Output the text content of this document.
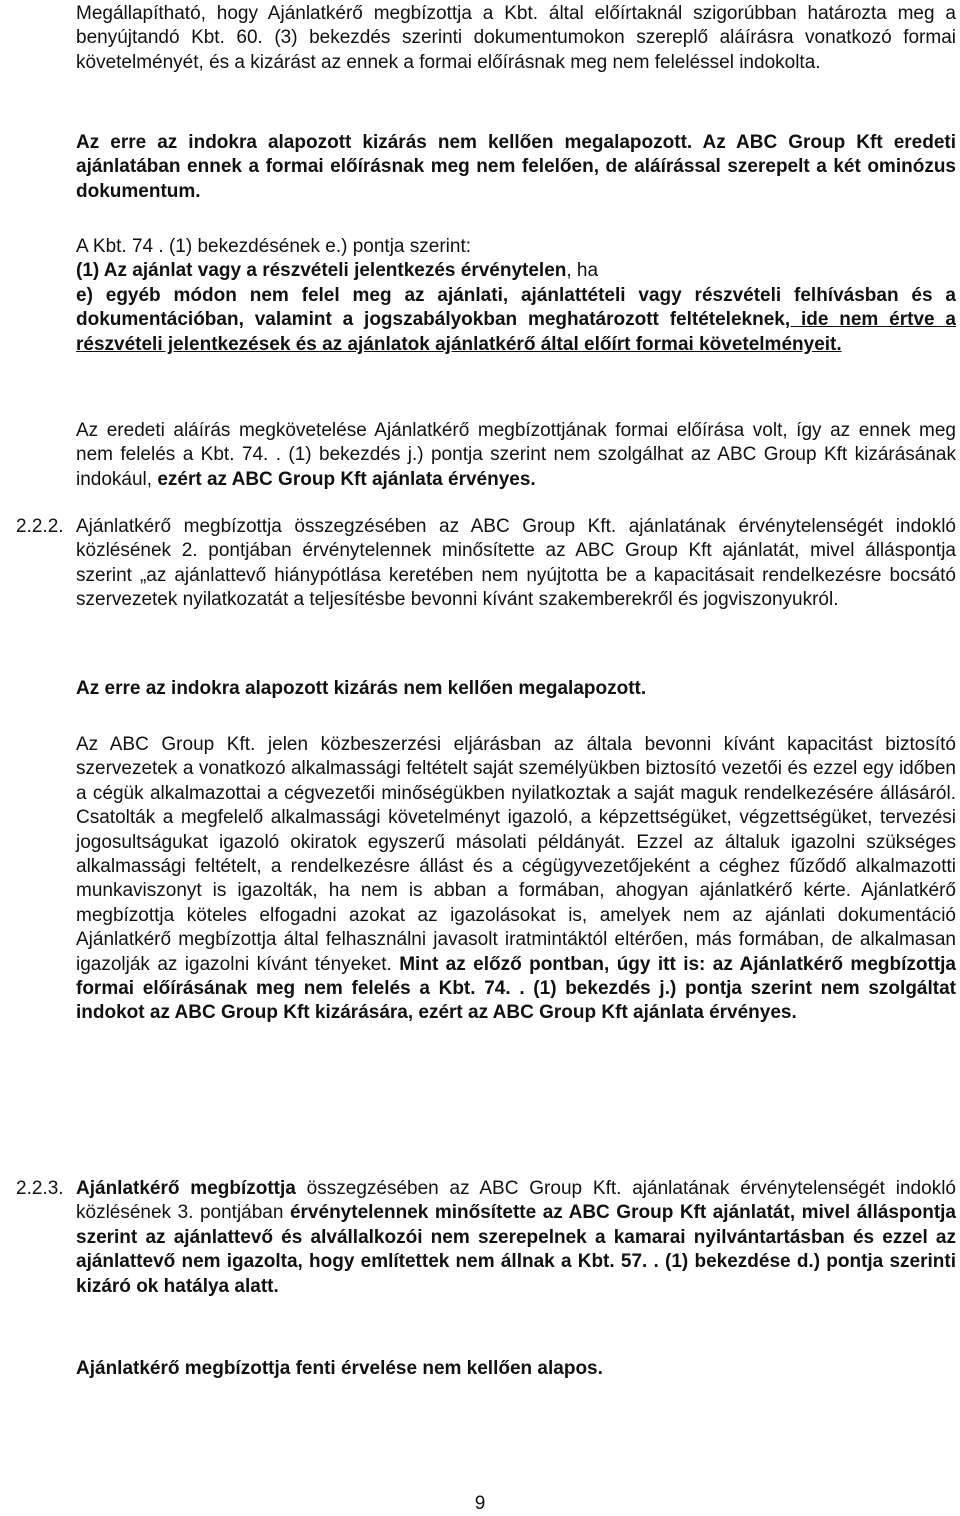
Megállapítható, hogy Ajánlatkérő megbízottja a Kbt. által előírtaknál szigorúbban határozta meg a benyújtandó Kbt. 60. (3) bekezdés szerinti dokumentumokon szereplő aláírásra vonatkozó formai követelményét, és a kizárást az ennek a formai előírásnak meg nem feleléssel indokolta.

Az erre az indokra alapozott kizárás nem kellően megalapozott. Az ABC Group Kft eredeti ajánlatában ennek a formai előírásnak meg nem felelően, de aláírással szerepelt a két ominózus dokumentum.

A Kbt. 74 . (1) bekezdésének e.) pontja szerint:

(1) Az ajánlat vagy a részvételi jelentkezés érvénytelen, ha

e) egyéb módon nem felel meg az ajánlati, ajánlattételi vagy részvételi felhívásban és a dokumentációban, valamint a jogszabályokban meghatározott feltételeknek, ide nem értve a részvételi jelentkezések és az ajánlatok ajánlatkérő által előírt formai követelményeit.

Az eredeti aláírás megkövetelése Ajánlatkérő megbízottjának formai előírása volt, így az ennek meg nem felelés a Kbt. 74. . (1) bekezdés j.) pontja szerint nem szolgálhat az ABC Group Kft kizárásának indokául, ezért az ABC Group Kft ajánlata érvényes.

2.2.2. Ajánlatkérő megbízottja összegzésében az ABC Group Kft. ajánlatának érvénytelenségét indokló közlésének 2. pontjában érvénytelennek minősítette az ABC Group Kft ajánlatát, mivel álláspontja szerint „az ajánlattevő hiánypótlása keretében nem nyújtotta be a kapacitásait rendelkezésre bocsátó szervezetek nyilatkozatát a teljesítésbe bevonni kívánt szakemberekről és jogviszonyukról.

Az erre az indokra alapozott kizárás nem kellően megalapozott.

Az ABC Group Kft. jelen közbeszerzési eljárásban az általa bevonni kívánt kapacitást biztosító szervezetek a vonatkozó alkalmassági feltételt saját személyükben biztosító vezetői és ezzel egy időben a cégük alkalmazottai a cégvezetői minőségükben nyilatkoztak a saját maguk rendelkezésére állásáról. Csatolták a megfelelő alkalmassági követelményt igazoló, a képzettségüket, végzettségüket, tervezési jogosultságukat igazoló okiratok egyszerű másolati példányát. Ezzel az általuk igazolni szükséges alkalmassági feltételt, a rendelkezésre állást és a cégügyvezetőjeként a céghez fűződő alkalmazotti munkaviszonyt is igazolták, ha nem is abban a formában, ahogyan ajánlatkérő kérte. Ajánlatkérő megbízottja köteles elfogadni azokat az igazolásokat is, amelyek nem az ajánlati dokumentáció Ajánlatkérő megbízottja által felhasználni javasolt iratmintáktól eltérően, más formában, de alkalmasan igazolják az igazolni kívánt tényeket. Mint az előző pontban, úgy itt is: az Ajánlatkérő megbízottja formai előírásának meg nem felelés a Kbt. 74. . (1) bekezdés j.) pontja szerint nem szolgáltat indokot az ABC Group Kft kizárására, ezért az ABC Group Kft ajánlata érvényes.

2.2.3. Ajánlatkérő megbízottja összegzésében az ABC Group Kft. ajánlatának érvénytelenségét indokló közlésének 3. pontjában érvénytelennek minősítette az ABC Group Kft ajánlatát, mivel álláspontja szerint az ajánlattevő és alvállalkozói nem szerepelnek a kamarai nyilvántartásban és ezzel az ajánlattevő nem igazolta, hogy említettek nem állnak a Kbt. 57. . (1) bekezdése d.) pontja szerinti kizáró ok hatálya alatt.

Ajánlatkérő megbízottja fenti érvelése nem kellően alapos.

9
